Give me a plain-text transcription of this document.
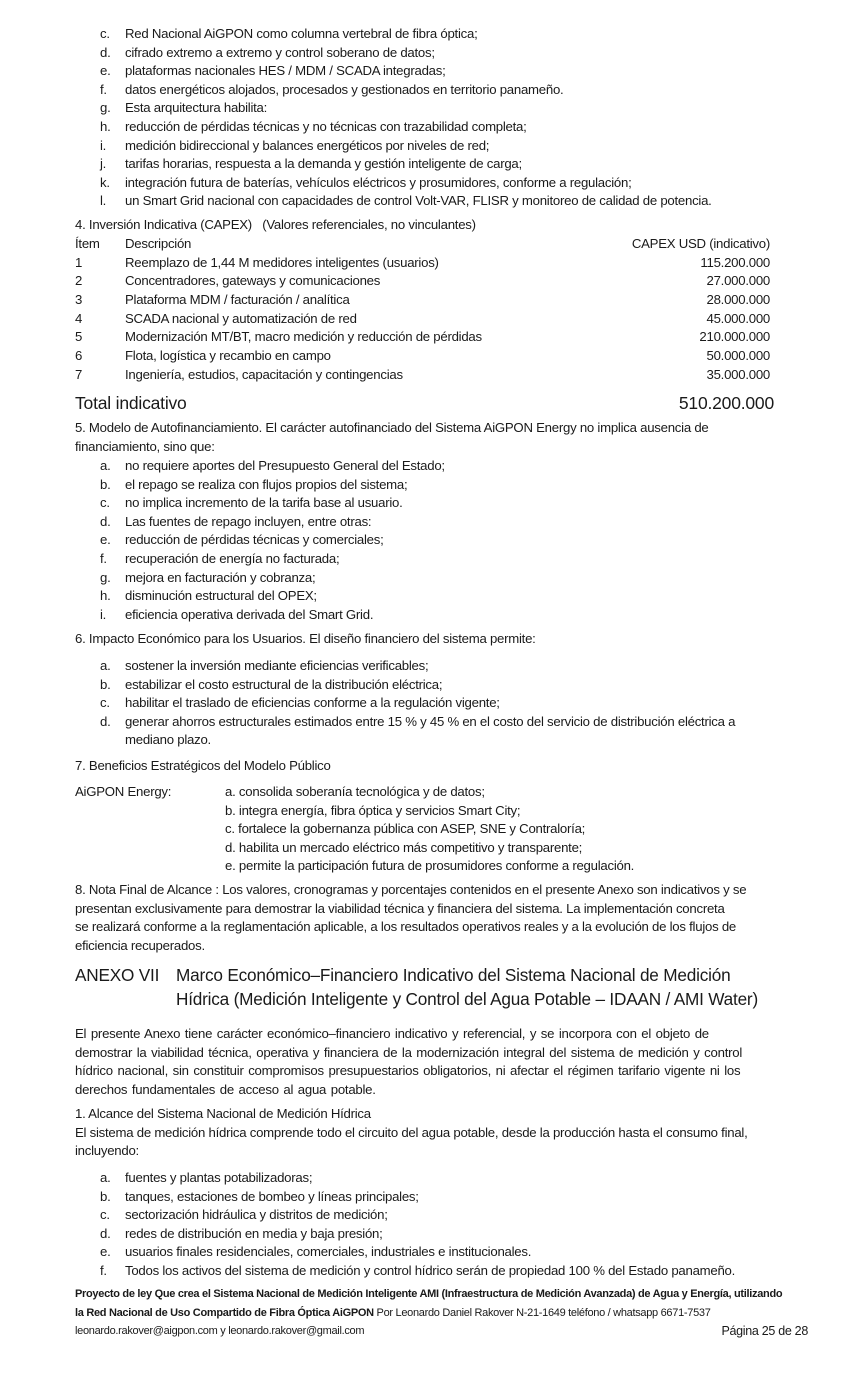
c. Red Nacional AiGPON como columna vertebral de fibra óptica;
d. cifrado extremo a extremo y control soberano de datos;
e. plataformas nacionales HES / MDM / SCADA integradas;
f. datos energéticos alojados, procesados y gestionados en territorio panameño.
g. Esta arquitectura habilita:
h. reducción de pérdidas técnicas y no técnicas con trazabilidad completa;
i. medición bidireccional y balances energéticos por niveles de red;
j. tarifas horarias, respuesta a la demanda y gestión inteligente de carga;
k. integración futura de baterías, vehículos eléctricos y prosumidores, conforme a regulación;
l. un Smart Grid nacional con capacidades de control Volt-VAR, FLISR y monitoreo de calidad de potencia.
4. Inversión Indicativa (CAPEX)   (Valores referenciales, no vinculantes)
Ítem Descripción	CAPEX USD (indicativo)
1	Reemplazo de 1,44 M medidores inteligentes (usuarios)	115.200.000
2	Concentradores, gateways y comunicaciones	27.000.000
3	Plataforma MDM / facturación / analítica	28.000.000
4	SCADA nacional y automatización de red	45.000.000
5	Modernización MT/BT, macro medición y reducción de pérdidas	210.000.000
6	Flota, logística y recambio en campo	50.000.000
7	Ingeniería, estudios, capacitación y contingencias	35.000.000
Total indicativo	510.200.000
5. Modelo de Autofinanciamiento. El carácter autofinanciado del Sistema AiGPON Energy no implica ausencia de financiamiento, sino que:
a. no requiere aportes del Presupuesto General del Estado;
b. el repago se realiza con flujos propios del sistema;
c. no implica incremento de la tarifa base al usuario.
d. Las fuentes de repago incluyen, entre otras:
e. reducción de pérdidas técnicas y comerciales;
f. recuperación de energía no facturada;
g. mejora en facturación y cobranza;
h. disminución estructural del OPEX;
i. eficiencia operativa derivada del Smart Grid.
6. Impacto Económico para los Usuarios. El diseño financiero del sistema permite:
a. sostener la inversión mediante eficiencias verificables;
b. estabilizar el costo estructural de la distribución eléctrica;
c. habilitar el traslado de eficiencias conforme a la regulación vigente;
d. generar ahorros estructurales estimados entre 15 % y 45 % en el costo del servicio de distribución eléctrica a
mediano plazo.
7. Beneficios Estratégicos del Modelo Público
AiGPON Energy:	a. consolida soberanía tecnológica y de datos;
b. integra energía, fibra óptica y servicios Smart City;
c. fortalece la gobernanza pública con ASEP, SNE y Contraloría;
d. habilita un mercado eléctrico más competitivo y transparente;
e. permite la participación futura de prosumidores conforme a regulación.
8. Nota Final de Alcance : Los valores, cronogramas y porcentajes contenidos en el presente Anexo son indicativos y se
presentan exclusivamente para demostrar la viabilidad técnica y financiera del sistema. La implementación concreta
se realizará conforme a la reglamentación aplicable, a los resultados operativos reales y a la evolución de los flujos de
eficiencia recuperados.
ANEXO VII Marco Económico–Financiero Indicativo del Sistema Nacional de Medición
Hídrica (Medición Inteligente y Control del Agua Potable – IDAAN / AMI Water)
El presente Anexo tiene carácter económico–financiero indicativo y referencial, y se incorpora con el objeto de
demostrar la viabilidad técnica, operativa y financiera de la modernización integral del sistema de medición y control
hídrico nacional, sin constituir compromisos presupuestarios obligatorios, ni afectar el régimen tarifario vigente ni los
derechos fundamentales de acceso al agua potable.
1. Alcance del Sistema Nacional de Medición Hídrica
El sistema de medición hídrica comprende todo el circuito del agua potable, desde la producción hasta el consumo final,
incluyendo:
a. fuentes y plantas potabilizadoras;
b. tanques, estaciones de bombeo y líneas principales;
c. sectorización hidráulica y distritos de medición;
d. redes de distribución en media y baja presión;
e. usuarios finales residenciales, comerciales, industriales e institucionales.
f. Todos los activos del sistema de medición y control hídrico serán de propiedad 100 % del Estado panameño.
Proyecto de ley Que crea el Sistema Nacional de Medición Inteligente AMI (Infraestructura de Medición Avanzada) de Agua y Energía, utilizando
la Red Nacional de Uso Compartido de Fibra Óptica AiGPON Por Leonardo Daniel Rakover N-21-1649 teléfono / whatsapp 6671-7537
leonardo.rakover@aigpon.com y leonardo.rakover@gmail.com	Página 25 de 28
